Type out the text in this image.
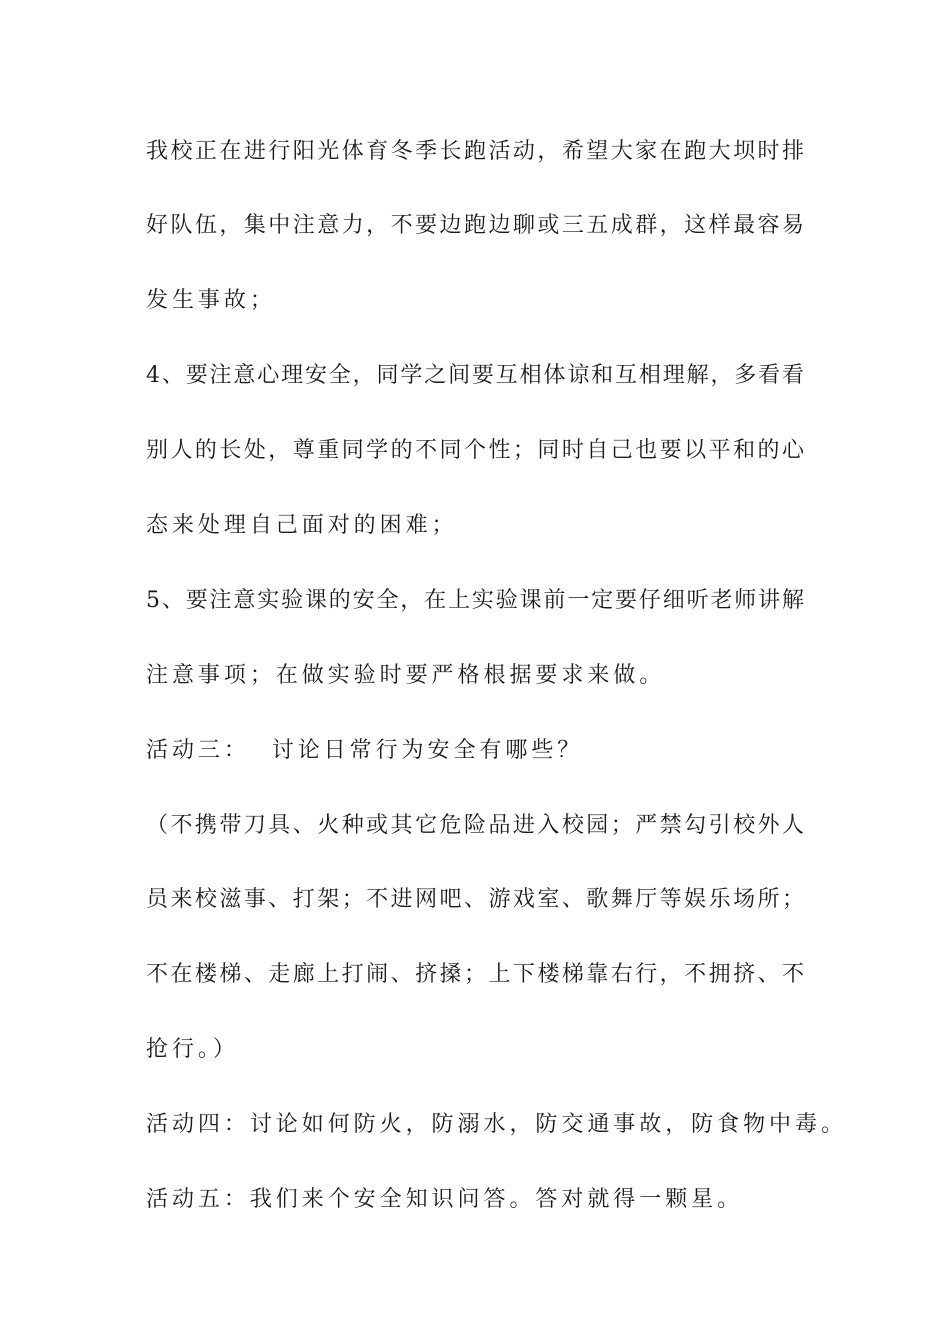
我校正在进行阳光体育冬季长跑活动，希望大家在跑大坝时排

好队伍，集中注意力，不要边跑边聊或三五成群，这样最容易

发生事故；

4、要注意心理安全，同学之间要互相体谅和互相理解，多看看

别人的长处，尊重同学的不同个性；同时自己也要以平和的心

态来处理自己面对的困难；

5、要注意实验课的安全，在上实验课前一定要仔细听老师讲解

注意事项；在做实验时要严格根据要求来做。

活动三：  讨论日常行为安全有哪些？

（不携带刀具、火种或其它危险品进入校园；严禁勾引校外人

员来校滋事、打架；不进网吧、游戏室、歌舞厅等娱乐场所；

不在楼梯、走廊上打闹、挤搡；上下楼梯靠右行，不拥挤、不

抢行。）

活动四：讨论如何防火，防溺水，防交通事故，防食物中毒。

活动五：我们来个安全知识问答。答对就得一颗星。
